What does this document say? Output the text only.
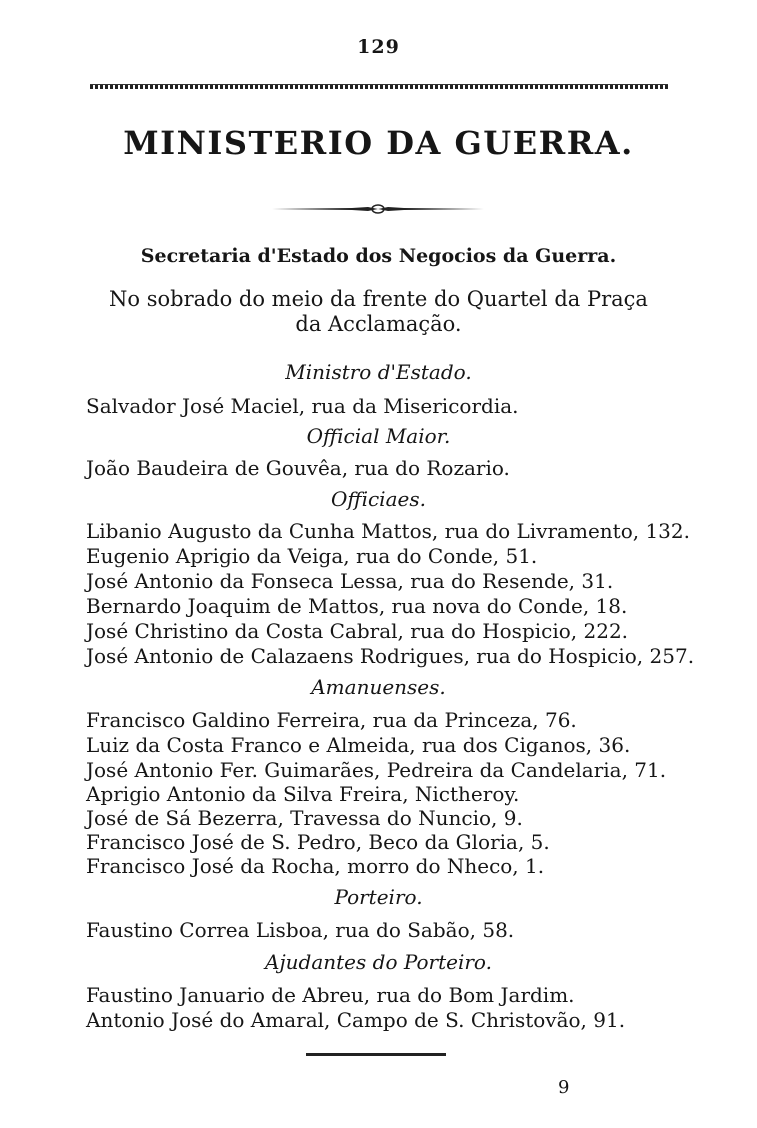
129
MINISTERIO DA GUERRA.
Secretaria d'Estado dos Negocios da Guerra.
No sobrado do meio da frente do Quartel da Praça
da Acclamação.
Ministro d'Estado.
Salvador José Maciel, rua da Misericordia.
Official Maior.
João Baudeira de Gouvêa, rua do Rozario.
Officiaes.
Libanio Augusto da Cunha Mattos, rua do Livramento, 132.
Eugenio Aprigio da Veiga, rua do Conde, 51.
José Antonio da Fonseca Lessa, rua do Resende, 31.
Bernardo Joaquim de Mattos, rua nova do Conde, 18.
José Christino da Costa Cabral, rua do Hospicio, 222.
José Antonio de Calazaens Rodrigues, rua do Hospicio, 257.
Amanuenses.
Francisco Galdino Ferreira, rua da Princeza, 76.
Luiz da Costa Franco e Almeida, rua dos Ciganos, 36.
José Antonio Fer. Guimarães, Pedreira da Candelaria, 71.
Aprigio Antonio da Silva Freira, Nictheroy.
José de Sá Bezerra, Travessa do Nuncio, 9.
Francisco José de S. Pedro, Beco da Gloria, 5.
Francisco José da Rocha, morro do Nheco, 1.
Porteiro.
Faustino Correa Lisboa, rua do Sabão, 58.
Ajudantes do Porteiro.
Faustino Januario de Abreu, rua do Bom Jardim.
Antonio José do Amaral, Campo de S. Christovão, 91.
9
